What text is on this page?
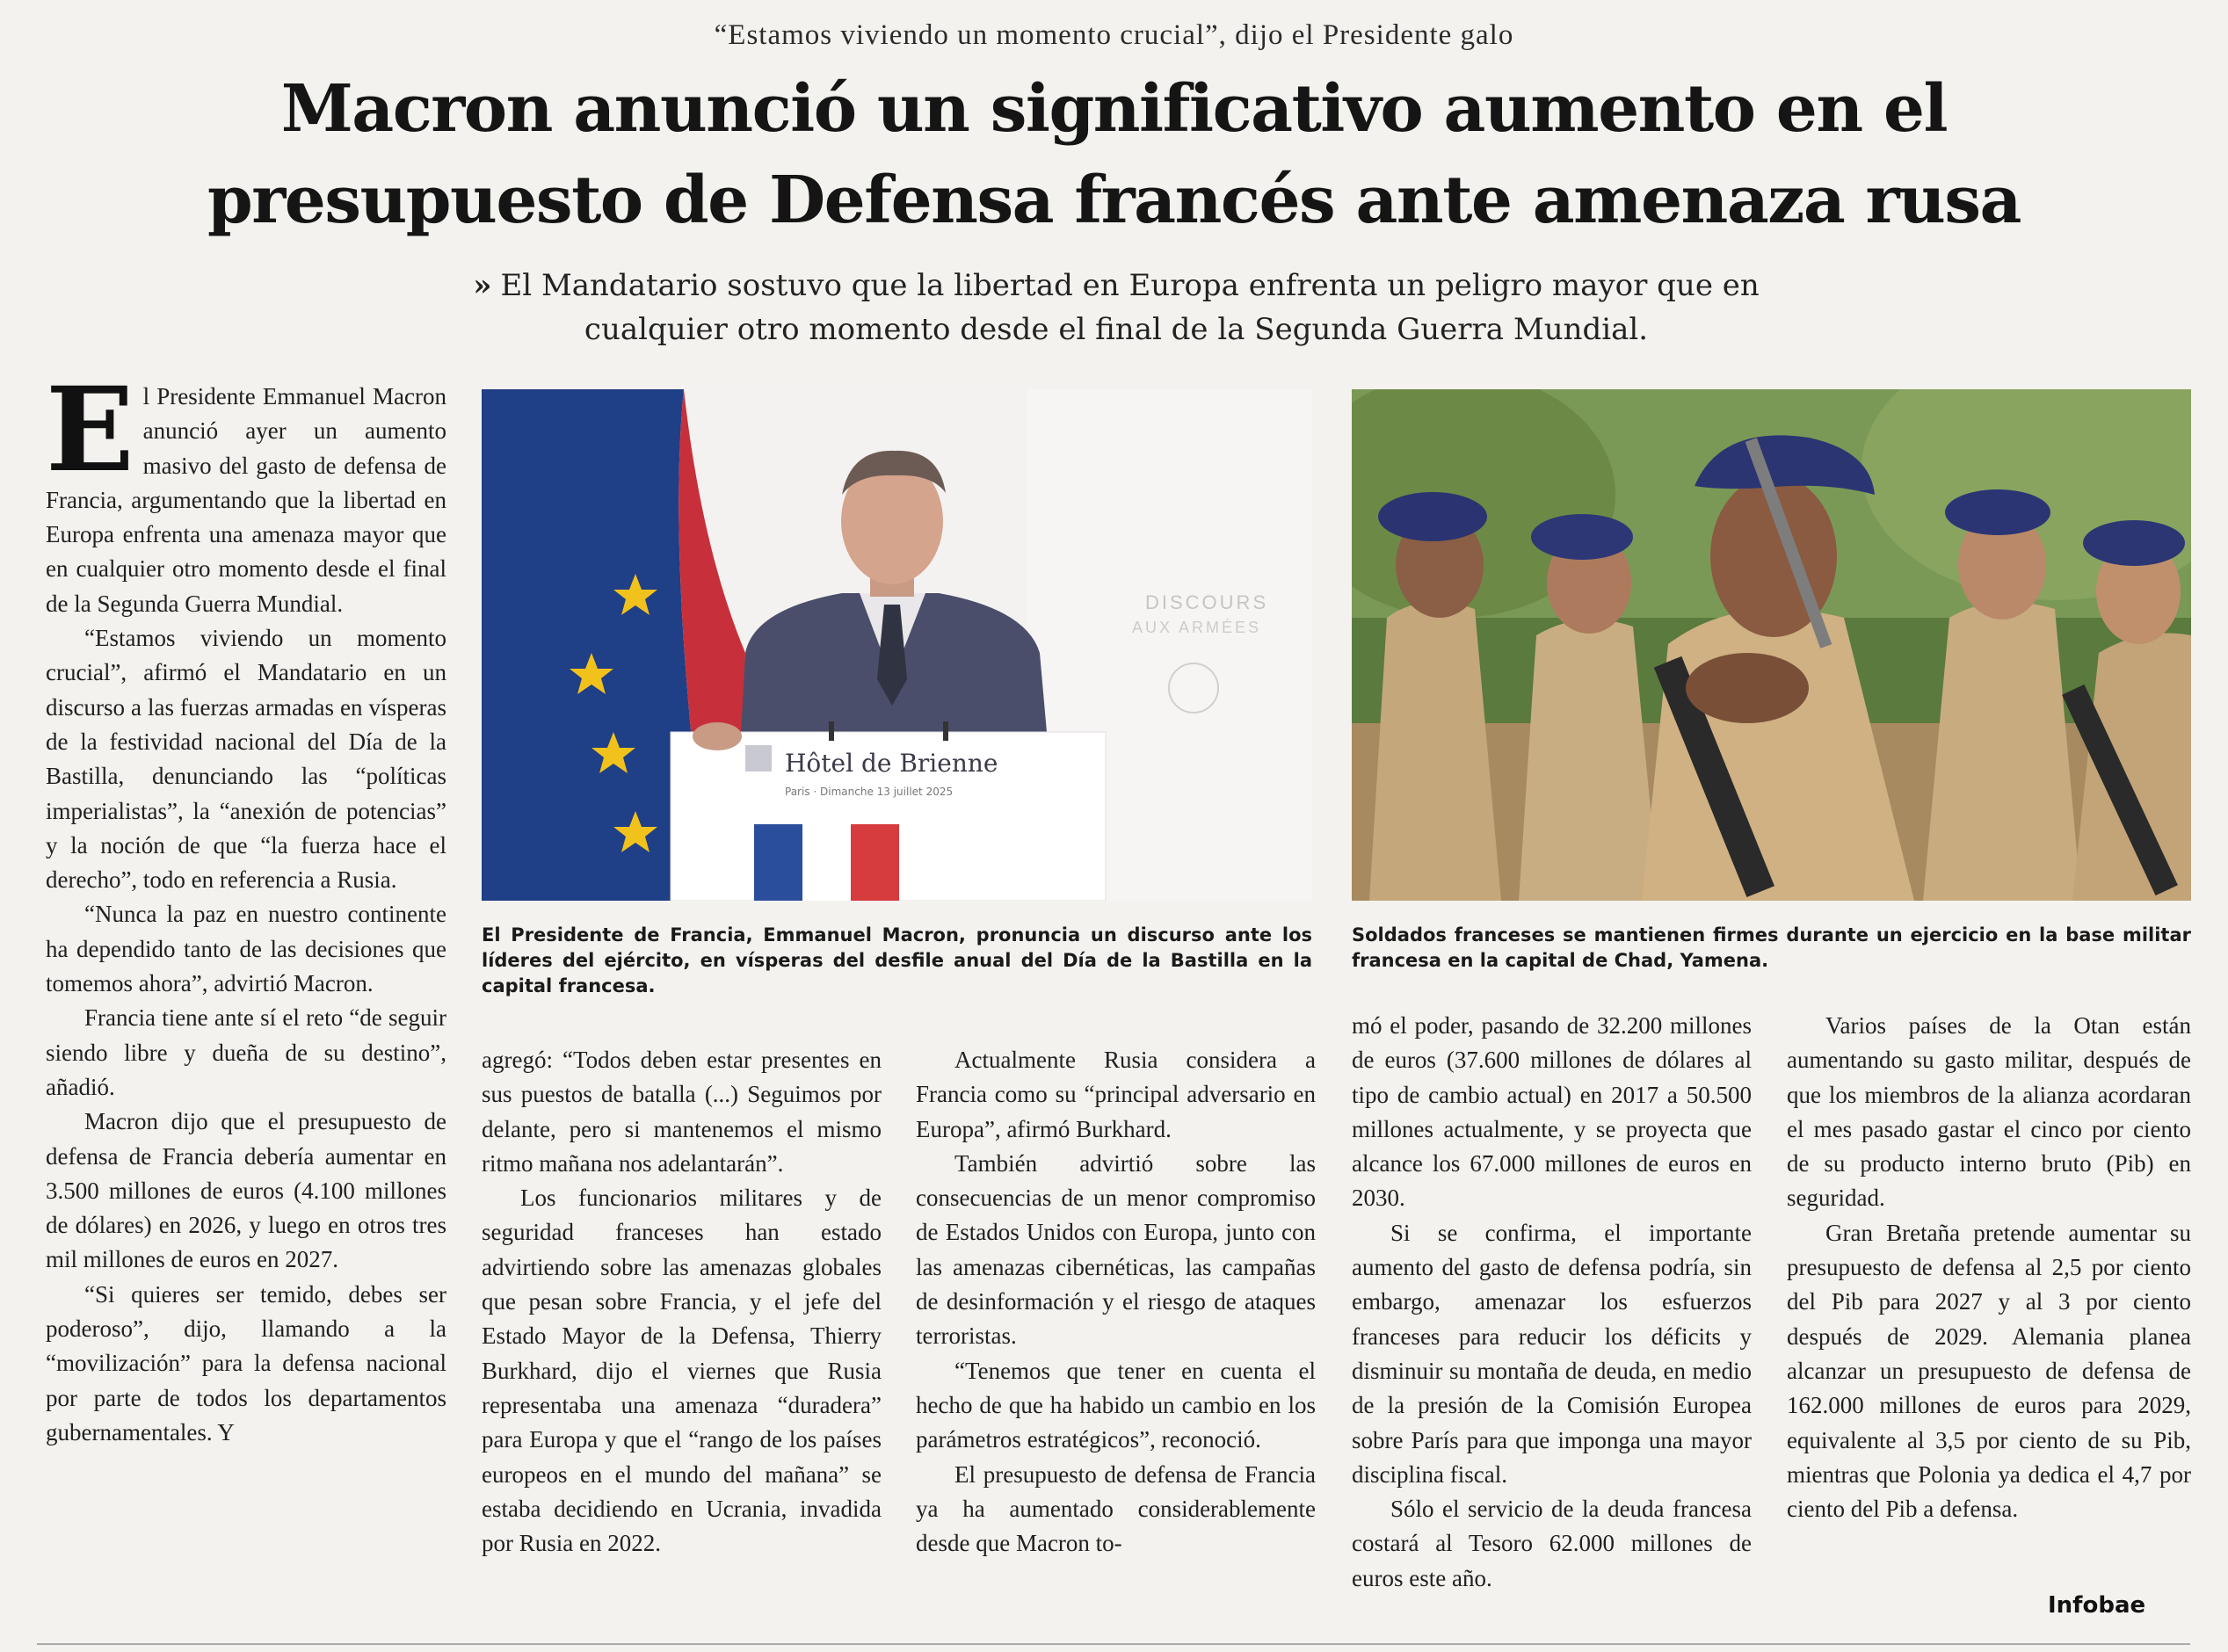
“Estamos viviendo un momento crucial”, dijo el Presidente galo
Macron anunció un significativo aumento en el presupuesto de Defensa francés ante amenaza rusa
» El Mandatario sostuvo que la libertad en Europa enfrenta un peligro mayor que en cualquier otro momento desde el final de la Segunda Guerra Mundial.
E l Presidente Emmanuel Macron anunció ayer un aumento masivo del gasto de defensa de Francia, argumentando que la libertad en Europa enfrenta una amenaza mayor que en cualquier otro momento desde el final de la Segunda Guerra Mundial.

“Estamos viviendo un momento crucial”, afirmó el Mandatario en un discurso a las fuerzas armadas en vísperas de la festividad nacional del Día de la Bastilla, denunciando las “políticas imperialistas”, la “anexión de potencias” y la noción de que “la fuerza hace el derecho”, todo en referencia a Rusia.

“Nunca la paz en nuestro continente ha dependido tanto de las decisiones que tomemos ahora”, advirtió Macron.

Francia tiene ante sí el reto “de seguir siendo libre y dueña de su destino”, añadió.

Macron dijo que el presupuesto de defensa de Francia debería aumentar en 3.500 millones de euros (4.100 millones de dólares) en 2026, y luego en otros tres mil millones de euros en 2027.

“Si quieres ser temido, debes ser poderoso”, dijo, llamando a la “movilización” para la defensa nacional por parte de todos los departamentos gubernamentales. Y

DISCOURS
AUX ARMÉES
Hôtel de Brienne
Paris · Dimanche 13 juillet 2025
El Presidente de Francia, Emmanuel Macron, pronuncia un discurso ante los líderes del ejército, en vísperas del desfile anual del Día de la Bastilla en la capital francesa.
Soldados franceses se mantienen firmes durante un ejercicio en la base militar francesa en la capital de Chad, Yamena.

agregó: “Todos deben estar presentes en sus puestos de batalla (...) Seguimos por delante, pero si mantenemos el mismo ritmo mañana nos adelantarán”.

Los funcionarios militares y de seguridad franceses han estado advirtiendo sobre las amenazas globales que pesan sobre Francia, y el jefe del Estado Mayor de la Defensa, Thierry Burkhard, dijo el viernes que Rusia representaba una amenaza “duradera” para Europa y que el “rango de los países europeos en el mundo del mañana” se estaba decidiendo en Ucrania, invadida por Rusia en 2022.

Actualmente Rusia considera a Francia como su “principal adversario en Europa”, afirmó Burkhard.

También advirtió sobre las consecuencias de un menor compromiso de Estados Unidos con Europa, junto con las amenazas cibernéticas, las campañas de desinformación y el riesgo de ataques terroristas.

“Tenemos que tener en cuenta el hecho de que ha habido un cambio en los parámetros estratégicos”, reconoció.

El presupuesto de defensa de Francia ya ha aumentado considerablemente desde que Macron to-

mó el poder, pasando de 32.200 millones de euros (37.600 millones de dólares al tipo de cambio actual) en 2017 a 50.500 millones actualmente, y se proyecta que alcance los 67.000 millones de euros en 2030.

Si se confirma, el importante aumento del gasto de defensa podría, sin embargo, amenazar los esfuerzos franceses para reducir los déficits y disminuir su montaña de deuda, en medio de la presión de la Comisión Europea sobre París para que imponga una mayor disciplina fiscal.

Sólo el servicio de la deuda francesa costará al Tesoro 62.000 millones de euros este año.

Varios países de la Otan están aumentando su gasto militar, después de que los miembros de la alianza acordaran el mes pasado gastar el cinco por ciento de su producto interno bruto (Pib) en seguridad.

Gran Bretaña pretende aumentar su presupuesto de defensa al 2,5 por ciento del Pib para 2027 y al 3 por ciento después de 2029. Alemania planea alcanzar un presupuesto de defensa de 162.000 millones de euros para 2029, equivalente al 3,5 por ciento de su Pib, mientras que Polonia ya dedica el 4,7 por ciento del Pib a defensa.

Infobae
